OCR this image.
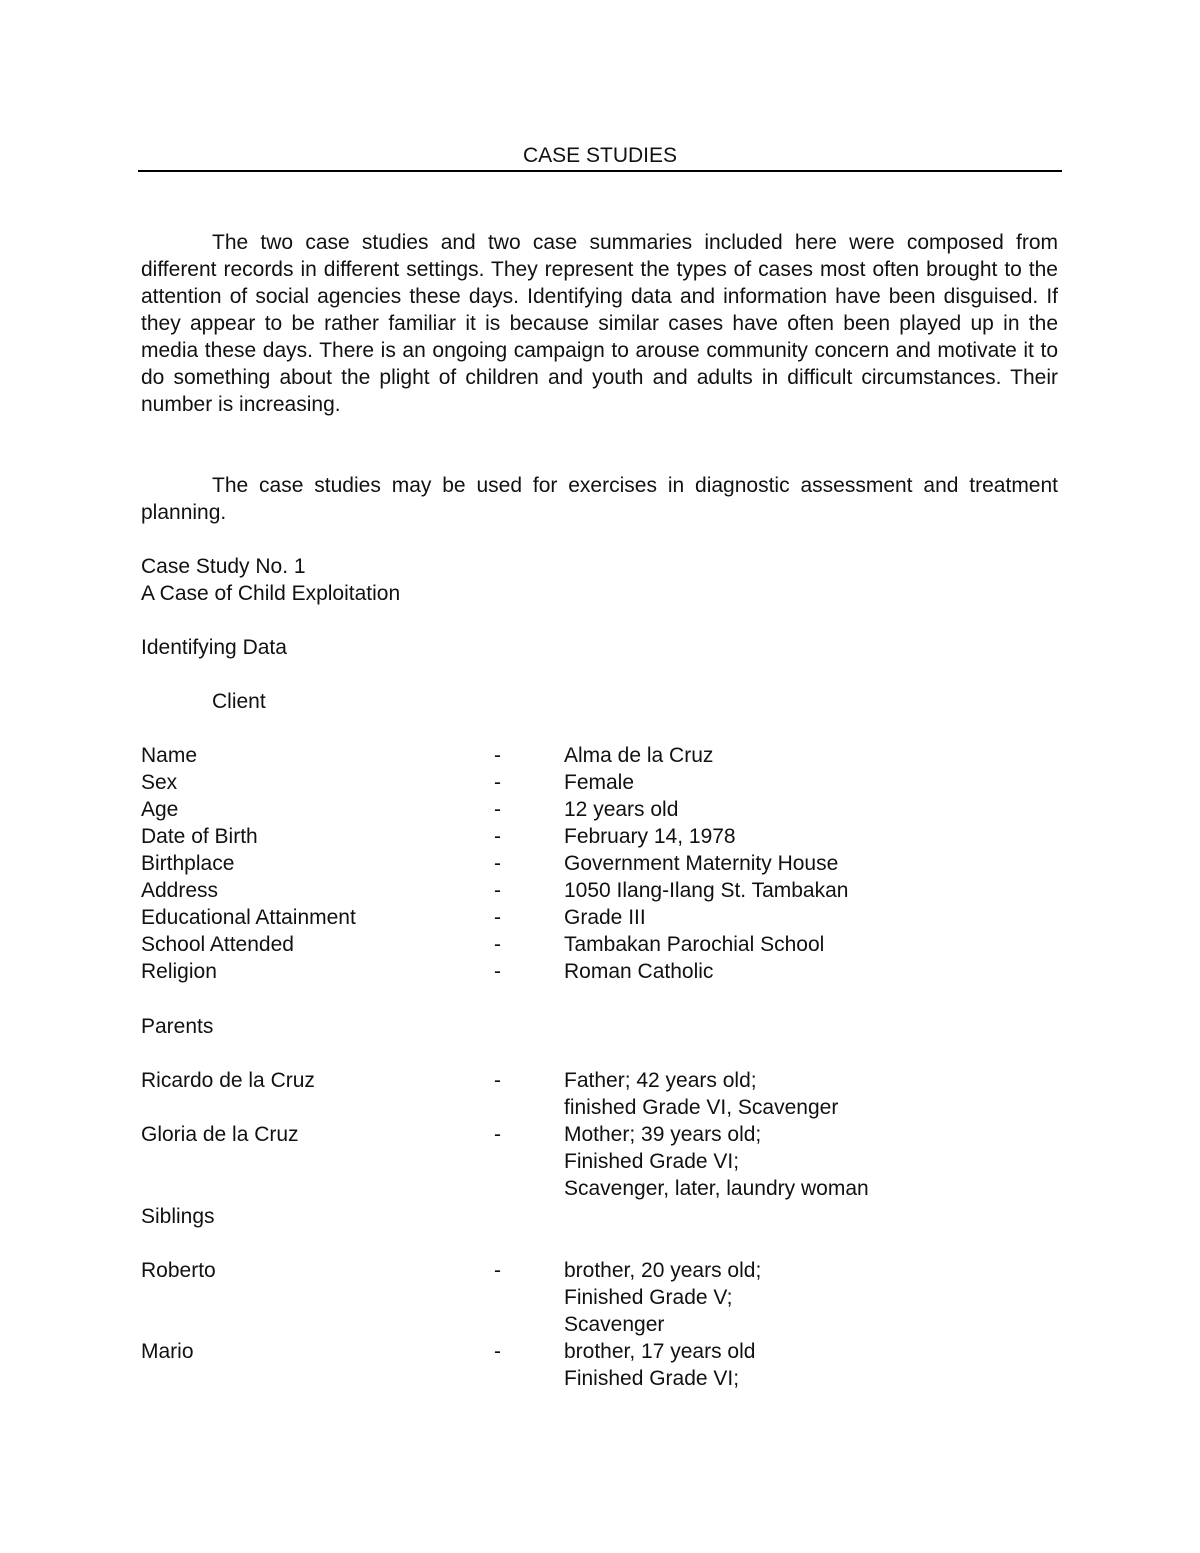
CASE STUDIES

The two case studies and two case summaries included here were composed from different records in different settings. They represent the types of cases most often brought to the attention of social agencies these days. Identifying data and information have been disguised. If they appear to be rather familiar it is because similar cases have often been played up in the media these days. There is an ongoing campaign to arouse community concern and motivate it to do something about the plight of children and youth and adults in difficult circumstances. Their number is increasing.

The case studies may be used for exercises in diagnostic assessment and treatment planning.

Case Study No. 1
A Case of Child Exploitation
Identifying Data
Client
Name	-	Alma de la Cruz
Sex	-	Female
Age	-	12 years old
Date of Birth	-	February 14, 1978
Birthplace	-	Government Maternity House
Address	-	1050 Ilang-Ilang St. Tambakan
Educational Attainment	-	Grade III
School Attended	-	Tambakan Parochial School
Religion	-	Roman Catholic
Parents
Ricardo de la Cruz	-	Father; 42 years old;
finished Grade VI, Scavenger
Gloria de la Cruz	-	Mother; 39 years old;
Finished Grade VI;
Scavenger, later, laundry woman
Siblings
Roberto	-	brother, 20 years old;
Finished Grade V;
Scavenger
Mario	-	brother, 17 years old
Finished Grade VI;
